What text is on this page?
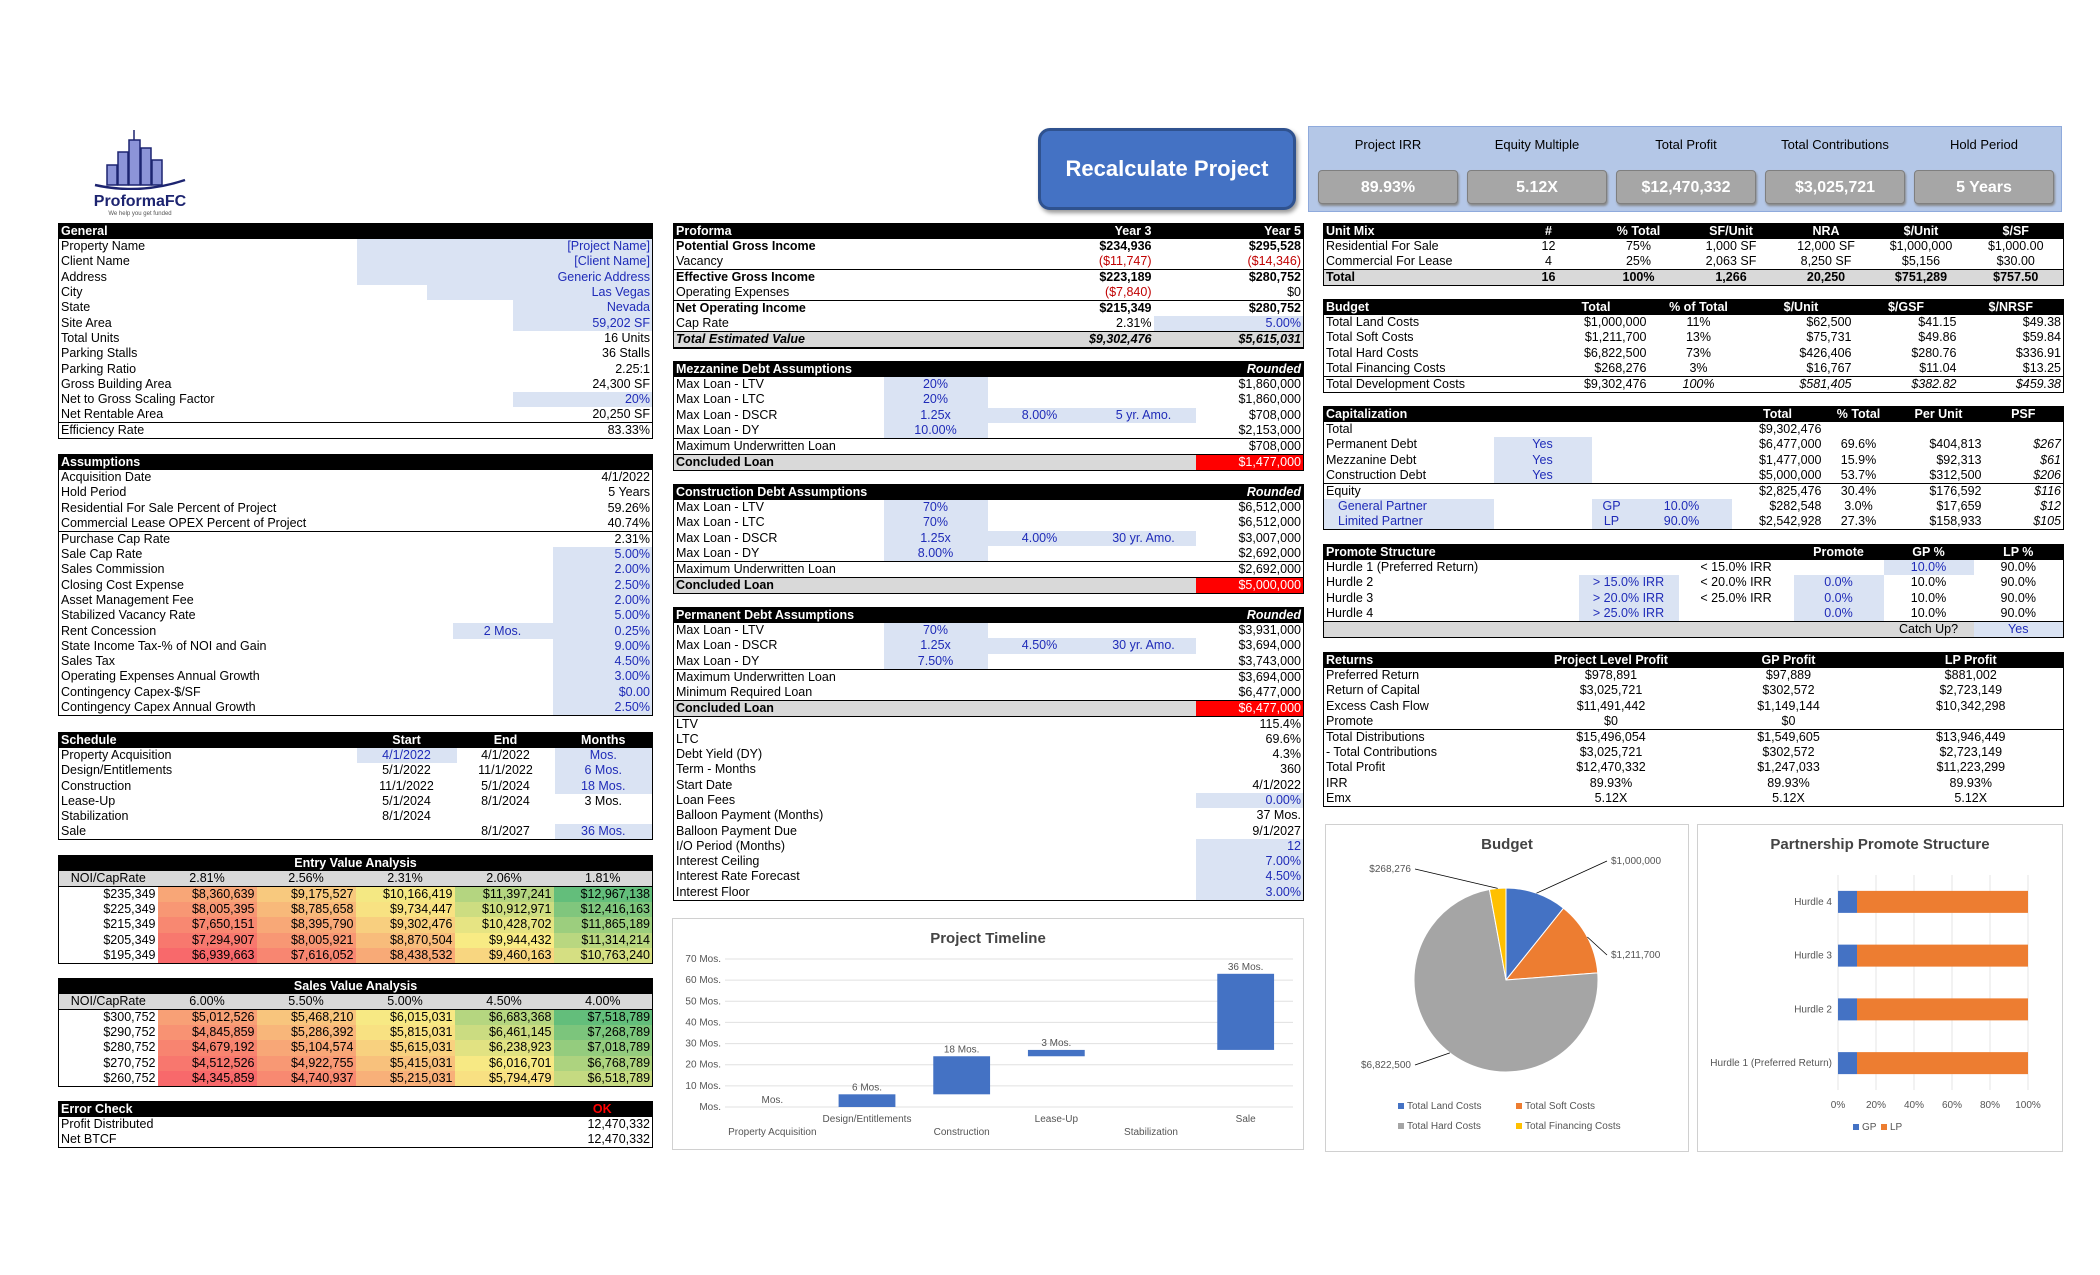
ProformaFC
We help you get funded
Recalculate Project
Project IRR
89.93%
Equity Multiple
5.12X
Total Profit
$12,470,332
Total Contributions
$3,025,721
Hold Period
5 Years
General		
Property Name		[Project Name]
Client Name		[Client Name]
Address		Generic Address
City		Las Vegas
State		Nevada
Site Area		59,202 SF
Total Units		16 Units
Parking Stalls		36 Stalls
Parking Ratio		2.25:1
Gross Building Area		24,300 SF
Net to Gross Scaling Factor		20%
Net Rentable Area		20,250 SF
Efficiency Rate		83.33%
Assumptions		
Acquisition Date		4/1/2022
Hold Period		5 Years
Residential For Sale Percent of Project		59.26%
Commercial Lease OPEX Percent of Project		40.74%
Purchase Cap Rate		2.31%
Sale Cap Rate		5.00%
Sales Commission		2.00%
Closing Cost Expense		2.50%
Asset Management Fee		2.00%
Stabilized Vacancy Rate		5.00%
Rent Concession	2 Mos.	0.25%
State Income Tax-% of NOI and Gain		9.00%
Sales Tax		4.50%
Operating Expenses Annual Growth		3.00%
Contingency Capex-$/SF		$0.00
Contingency Capex Annual Growth		2.50%
Schedule	Start	End	Months
Property Acquisition	4/1/2022	4/1/2022	Mos.
Design/Entitlements	5/1/2022	11/1/2022	6 Mos.
Construction	11/1/2022	5/1/2024	18 Mos.
Lease-Up	5/1/2024	8/1/2024	3 Mos.
Stabilization	8/1/2024		
Sale		8/1/2027	36 Mos.
Entry Value Analysis					
NOI/CapRate	2.81%	2.56%	2.31%	2.06%	1.81%
$235,349	$8,360,639	$9,175,527	$10,166,419	$11,397,241	$12,967,138
$225,349	$8,005,395	$8,785,658	$9,734,447	$10,912,971	$12,416,163
$215,349	$7,650,151	$8,395,790	$9,302,476	$10,428,702	$11,865,189
$205,349	$7,294,907	$8,005,921	$8,870,504	$9,944,432	$11,314,214
$195,349	$6,939,663	$7,616,052	$8,438,532	$9,460,163	$10,763,240
Sales Value Analysis					
NOI/CapRate	6.00%	5.50%	5.00%	4.50%	4.00%
$300,752	$5,012,526	$5,468,210	$6,015,031	$6,683,368	$7,518,789
$290,752	$4,845,859	$5,286,392	$5,815,031	$6,461,145	$7,268,789
$280,752	$4,679,192	$5,104,574	$5,615,031	$6,238,923	$7,018,789
$270,752	$4,512,526	$4,922,755	$5,415,031	$6,016,701	$6,768,789
$260,752	$4,345,859	$4,740,937	$5,215,031	$5,794,479	$6,518,789
Error Check	OK
Profit Distributed	12,470,332
Net BTCF	12,470,332
Proforma	Year 3	Year 5
Potential Gross Income	$234,936	$295,528
Vacancy	($11,747)	($14,346)
Effective Gross Income	$223,189	$280,752
Operating Expenses	($7,840)	$0
Net Operating Income	$215,349	$280,752
Cap Rate	2.31%	5.00%
Total Estimated Value	$9,302,476	$5,615,031
Mezzanine Debt Assumptions				Rounded
Max Loan - LTV	20%			$1,860,000
Max Loan - LTC	20%			$1,860,000
Max Loan - DSCR	1.25x	8.00%	5 yr. Amo.	$708,000
Max Loan - DY	10.00%			$2,153,000
Maximum Underwritten Loan				$708,000
Concluded Loan				$1,477,000
Construction Debt Assumptions				Rounded
Max Loan - LTV	70%			$6,512,000
Max Loan - LTC	70%			$6,512,000
Max Loan - DSCR	1.25x	4.00%	30 yr. Amo.	$3,007,000
Max Loan - DY	8.00%			$2,692,000
Maximum Underwritten Loan				$2,692,000
Concluded Loan				$5,000,000
Permanent Debt Assumptions				Rounded
Max Loan - LTV	70%			$3,931,000
Max Loan - DSCR	1.25x	4.50%	30 yr. Amo.	$3,694,000
Max Loan - DY	7.50%			$3,743,000
Maximum Underwritten Loan				$3,694,000
Minimum Required Loan				$6,477,000
Concluded Loan				$6,477,000
LTV				115.4%
LTC				69.6%
Debt Yield (DY)				4.3%
Term - Months				360
Start Date				4/1/2022
Loan Fees				0.00%
Balloon Payment (Months)				37 Mos.
Balloon Payment Due				9/1/2027
I/O Period (Months)				12
Interest Ceiling				7.00%
Interest Rate Forecast				4.50%
Interest Floor				3.00%
Unit Mix	#	% Total	SF/Unit	NRA	$/Unit	$/SF
Residential For Sale	12	75%	1,000 SF	12,000 SF	$1,000,000	$1,000.00
Commercial For Lease	4	25%	2,063 SF	8,250 SF	$5,156	$30.00
Total	16	100%	1,266	20,250	$751,289	$757.50
Budget	Total	% of Total	$/Unit	$/GSF	$/NRSF
Total Land Costs	$1,000,000	11%	$62,500	$41.15	$49.38
Total Soft Costs	$1,211,700	13%	$75,731	$49.86	$59.84
Total Hard Costs	$6,822,500	73%	$426,406	$280.76	$336.91
Total Financing Costs	$268,276	3%	$16,767	$11.04	$13.25
Total Development Costs	$9,302,476	100%	$581,405	$382.82	$459.38
Capitalization				Total	% Total	Per Unit	PSF
Total				$9,302,476			
Permanent Debt	Yes			$6,477,000	69.6%	$404,813	$267
Mezzanine Debt	Yes			$1,477,000	15.9%	$92,313	$61
Construction Debt	Yes			$5,000,000	53.7%	$312,500	$206
Equity				$2,825,476	30.4%	$176,592	$116
General Partner		GP	10.0%	$282,548	3.0%	$17,659	$12
Limited Partner		LP	90.0%	$2,542,928	27.3%	$158,933	$105
Promote Structure			Promote	GP %	LP %
Hurdle 1 (Preferred Return)		< 15.0% IRR		10.0%	90.0%
Hurdle 2	> 15.0% IRR	< 20.0% IRR	0.0%	10.0%	90.0%
Hurdle 3	> 20.0% IRR	< 25.0% IRR	0.0%	10.0%	90.0%
Hurdle 4	> 25.0% IRR		0.0%	10.0%	90.0%
				Catch Up?	Yes
Returns	Project Level Profit	GP Profit	LP Profit
Preferred Return	$978,891	$97,889	$881,002
Return of Capital	$3,025,721	$302,572	$2,723,149
Excess Cash Flow	$11,491,442	$1,149,144	$10,342,298
Promote	$0	$0	
Total Distributions	$15,496,054	$1,549,605	$13,946,449
- Total Contributions	$3,025,721	$302,572	$2,723,149
Total Profit	$12,470,332	$1,247,033	$11,223,299
IRR	89.93%	89.93%	89.93%
Emx	5.12X	5.12X	5.12X
Project Timeline
Mos.
10 Mos.
20 Mos.
30 Mos.
40 Mos.
50 Mos.
60 Mos.
70 Mos.
Mos.
Property Acquisition
6 Mos.
Design/Entitlements
18 Mos.
Construction
3 Mos.
Lease-Up
Stabilization
36 Mos.
Sale
Budget
$1,000,000
$1,211,700
$6,822,500
$268,276
Total Land Costs	Total Soft Costs
Total Hard Costs	Total Financing Costs
Partnership Promote Structure
0% 20% 40% 60% 80% 100%
Hurdle 4
Hurdle 3
Hurdle 2
Hurdle 1 (Preferred Return)
GP LP
